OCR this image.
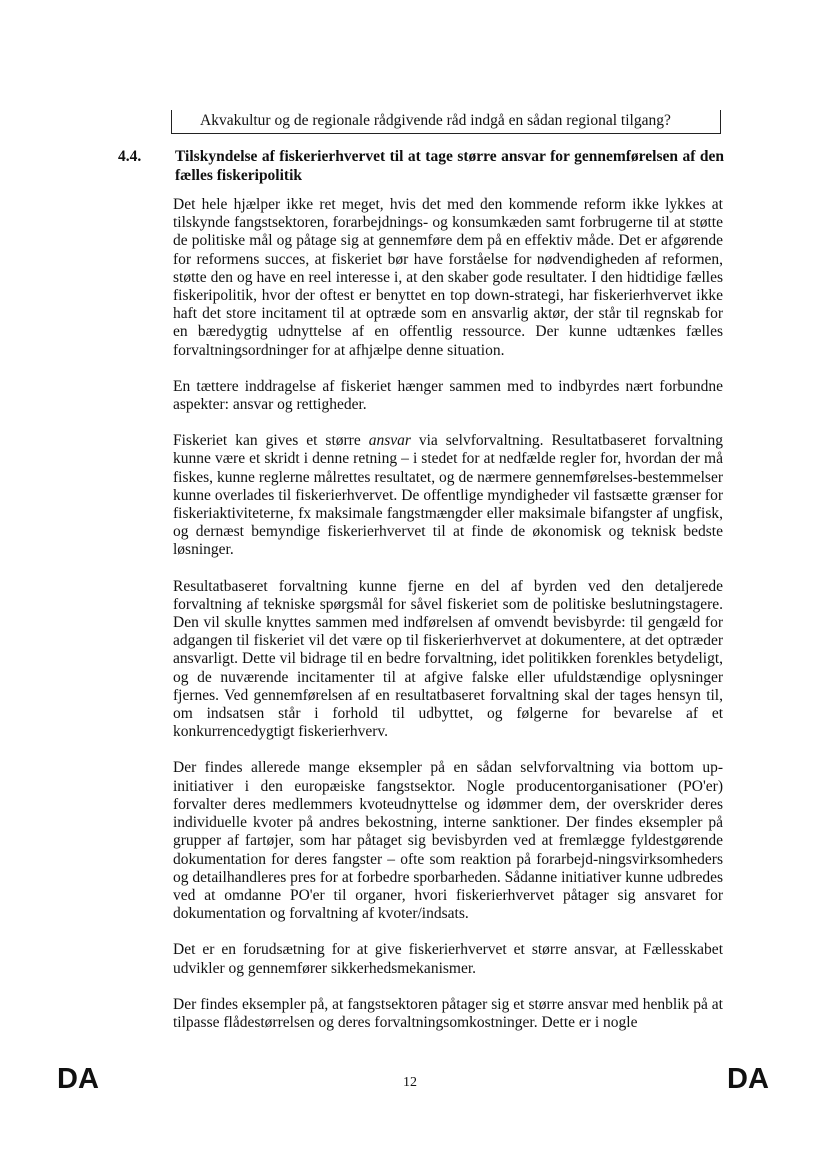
Akvakultur og de regionale rådgivende råd indgå en sådan regional tilgang?
4.4. Tilskyndelse af fiskerierhvervet til at tage større ansvar for gennemførelsen af den fælles fiskeripolitik

Det hele hjælper ikke ret meget, hvis det med den kommende reform ikke lykkes at tilskynde fangstsektoren, forarbejdnings- og konsumkæden samt forbrugerne til at støtte de politiske mål og påtage sig at gennemføre dem på en effektiv måde. Det er afgørende for reformens succes, at fiskeriet bør have forståelse for nødvendigheden af reformen, støtte den og have en reel interesse i, at den skaber gode resultater. I den hidtidige fælles fiskeripolitik, hvor der oftest er benyttet en top down-strategi, har fiskerierhvervet ikke haft det store incitament til at optræde som en ansvarlig aktør, der står til regnskab for en bæredygtig udnyttelse af en offentlig ressource. Der kunne udtænkes fælles forvaltningsordninger for at afhjælpe denne situation.

En tættere inddragelse af fiskeriet hænger sammen med to indbyrdes nært forbundne aspekter: ansvar og rettigheder.

Fiskeriet kan gives et større ansvar via selvforvaltning. Resultatbaseret forvaltning kunne være et skridt i denne retning – i stedet for at nedfælde regler for, hvordan der må fiskes, kunne reglerne målrettes resultatet, og de nærmere gennemførelses-bestemmelser kunne overlades til fiskerierhvervet. De offentlige myndigheder vil fastsætte grænser for fiskeriaktiviteterne, fx maksimale fangstmængder eller maksimale bifangster af ungfisk, og dernæst bemyndige fiskerierhvervet til at finde de økonomisk og teknisk bedste løsninger.

Resultatbaseret forvaltning kunne fjerne en del af byrden ved den detaljerede forvaltning af tekniske spørgsmål for såvel fiskeriet som de politiske beslutningstagere. Den vil skulle knyttes sammen med indførelsen af omvendt bevisbyrde: til gengæld for adgangen til fiskeriet vil det være op til fiskerierhvervet at dokumentere, at det optræder ansvarligt. Dette vil bidrage til en bedre forvaltning, idet politikken forenkles betydeligt, og de nuværende incitamenter til at afgive falske eller ufuldstændige oplysninger fjernes. Ved gennemførelsen af en resultatbaseret forvaltning skal der tages hensyn til, om indsatsen står i forhold til udbyttet, og følgerne for bevarelse af et konkurrencedygtigt fiskerierhverv.

Der findes allerede mange eksempler på en sådan selvforvaltning via bottom up-initiativer i den europæiske fangstsektor. Nogle producentorganisationer (PO'er) forvalter deres medlemmers kvoteudnyttelse og idømmer dem, der overskrider deres individuelle kvoter på andres bekostning, interne sanktioner. Der findes eksempler på grupper af fartøjer, som har påtaget sig bevisbyrden ved at fremlægge fyldestgørende dokumentation for deres fangster – ofte som reaktion på forarbejd-ningsvirksomheders og detailhandleres pres for at forbedre sporbarheden. Sådanne initiativer kunne udbredes ved at omdanne PO'er til organer, hvori fiskerierhvervet påtager sig ansvaret for dokumentation og forvaltning af kvoter/indsats.

Det er en forudsætning for at give fiskerierhvervet et større ansvar, at Fællesskabet udvikler og gennemfører sikkerhedsmekanismer.

Der findes eksempler på, at fangstsektoren påtager sig et større ansvar med henblik på at tilpasse flådestørrelsen og deres forvaltningsomkostninger. Dette er i nogle

DA	12	DA
